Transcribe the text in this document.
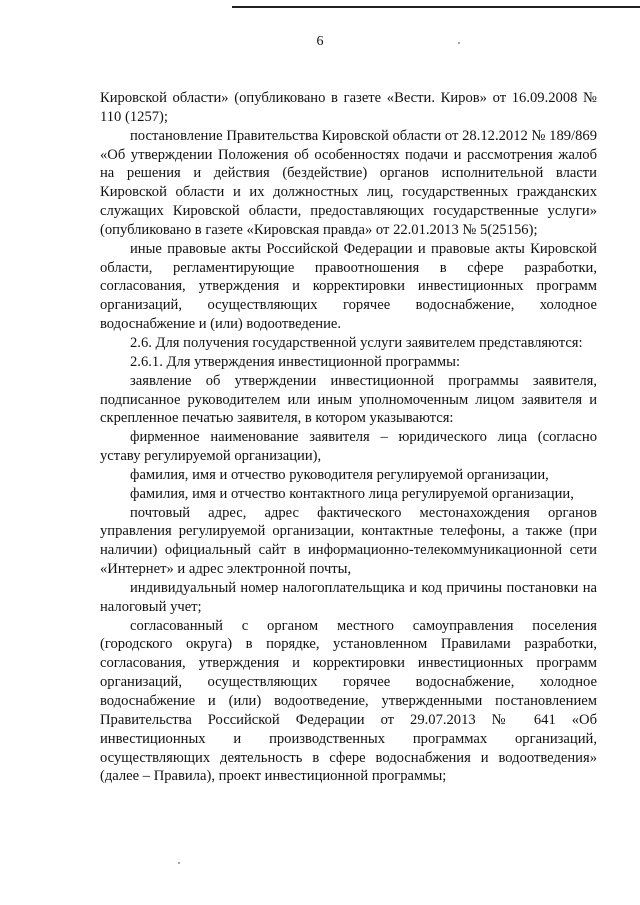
6

Кировской области» (опубликовано в газете «Вести. Киров» от 16.09.2008 № 110 (1257);

постановление Правительства Кировской области от 28.12.2012 № 189/869 «Об утверждении Положения об особенностях подачи и рассмотрения жалоб на решения и действия (бездействие) органов исполнительной власти Кировской области и их должностных лиц, государственных гражданских служащих Кировской области, предоставляющих государственные услуги» (опубликовано в газете «Кировская правда» от 22.01.2013 № 5(25156);

иные правовые акты Российской Федерации и правовые акты Кировской области, регламентирующие правоотношения в сфере разработки, согласования, утверждения и корректировки инвестиционных программ организаций, осуществляющих горячее водоснабжение, холодное водоснабжение и (или) водоотведение.

2.6. Для получения государственной услуги заявителем представляются:

2.6.1. Для утверждения инвестиционной программы:

заявление об утверждении инвестиционной программы заявителя, подписанное руководителем или иным уполномоченным лицом заявителя и скрепленное печатью заявителя, в котором указываются:

фирменное наименование заявителя – юридического лица (согласно уставу регулируемой организации),

фамилия, имя и отчество руководителя регулируемой организации,

фамилия, имя и отчество контактного лица регулируемой организации,

почтовый адрес, адрес фактического местонахождения органов управления регулируемой организации, контактные телефоны, а также (при наличии) официальный сайт в информационно-телекоммуникационной сети «Интернет» и адрес электронной почты,

индивидуальный номер налогоплательщика и код причины постановки на налоговый учет;

согласованный с органом местного самоуправления поселения (городского округа) в порядке, установленном Правилами разработки, согласования, утверждения и корректировки инвестиционных программ организаций, осуществляющих горячее водоснабжение, холодное водоснабжение и (или) водоотведение, утвержденными постановлением Правительства Российской Федерации от 29.07.2013 № 641 «Об инвестиционных и производственных программах организаций, осуществляющих деятельность в сфере водоснабжения и водоотведения» (далее – Правила), проект инвестиционной программы;
